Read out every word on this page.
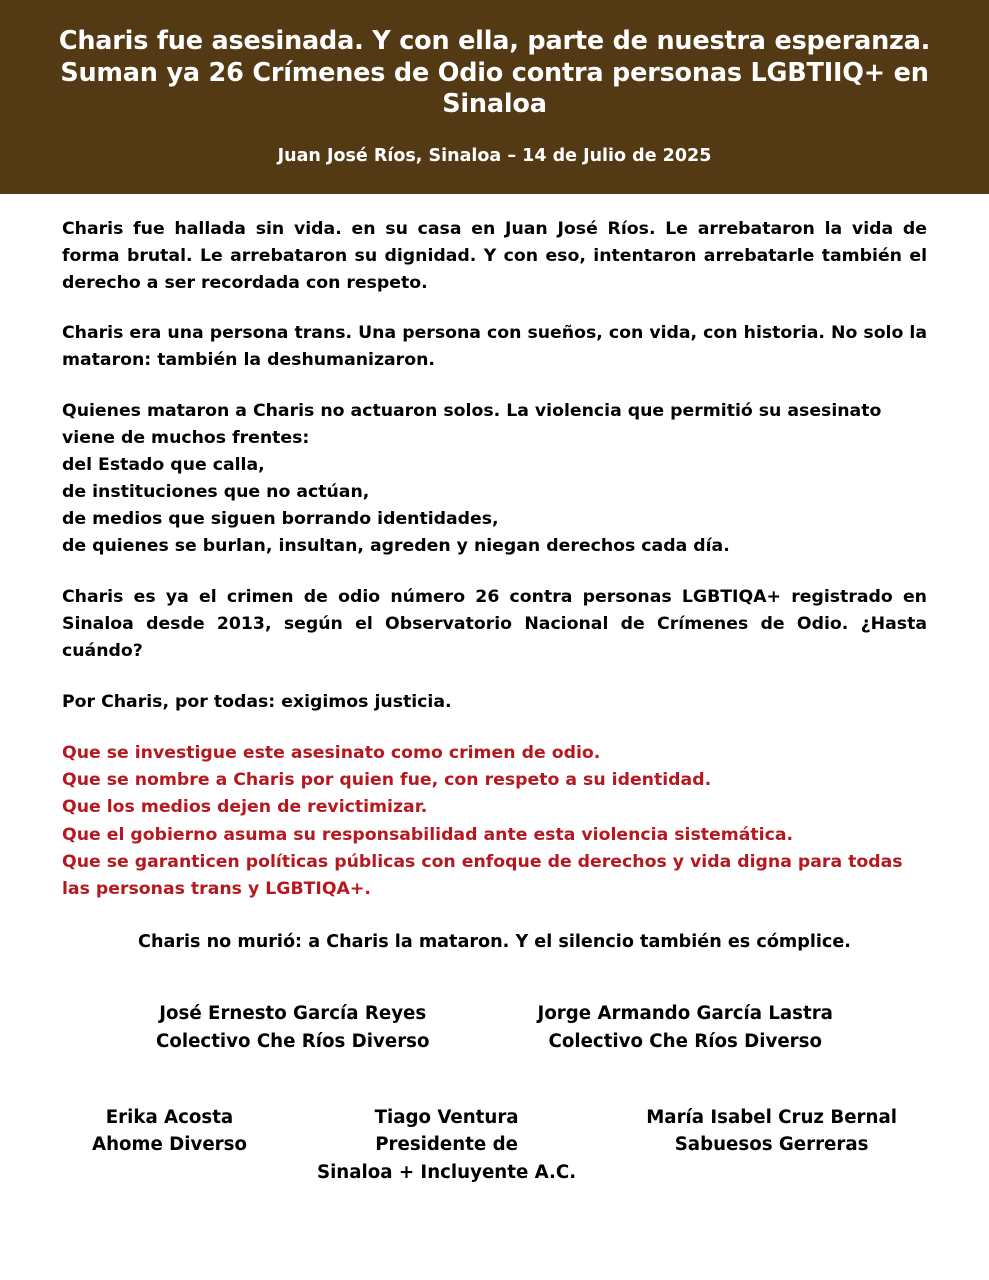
Charis fue asesinada. Y con ella, parte de nuestra esperanza. Suman ya 26 Crímenes de Odio contra personas LGBTIIQ+ en Sinaloa
Juan José Ríos, Sinaloa – 14 de Julio de 2025

Charis fue hallada sin vida. en su casa en Juan José Ríos. Le arrebataron la vida de forma brutal. Le arrebataron su dignidad. Y con eso, intentaron arrebatarle también el derecho a ser recordada con respeto.

Charis era una persona trans. Una persona con sueños, con vida, con historia. No solo la mataron: también la deshumanizaron.

Quienes mataron a Charis no actuaron solos. La violencia que permitió su asesinato viene de muchos frentes:
del Estado que calla,
de instituciones que no actúan,
de medios que siguen borrando identidades,
de quienes se burlan, insultan, agreden y niegan derechos cada día.

Charis es ya el crimen de odio número 26 contra personas LGBTIQA+ registrado en Sinaloa desde 2013, según el Observatorio Nacional de Crímenes de Odio. ¿Hasta cuándo?

Por Charis, por todas: exigimos justicia.

Que se investigue este asesinato como crimen de odio.
Que se nombre a Charis por quien fue, con respeto a su identidad.
Que los medios dejen de revictimizar.
Que el gobierno asuma su responsabilidad ante esta violencia sistemática.
Que se garanticen políticas públicas con enfoque de derechos y vida digna para todas las personas trans y LGBTIQA+.
Charis no murió: a Charis la mataron. Y el silencio también es cómplice.
José Ernesto García Reyes
Colectivo Che Ríos Diverso
Jorge Armando García Lastra
Colectivo Che Ríos Diverso
Erika Acosta
Ahome Diverso
Tiago Ventura
Presidente de
Sinaloa + Incluyente A.C.
María Isabel Cruz Bernal
Sabuesos Gerreras
